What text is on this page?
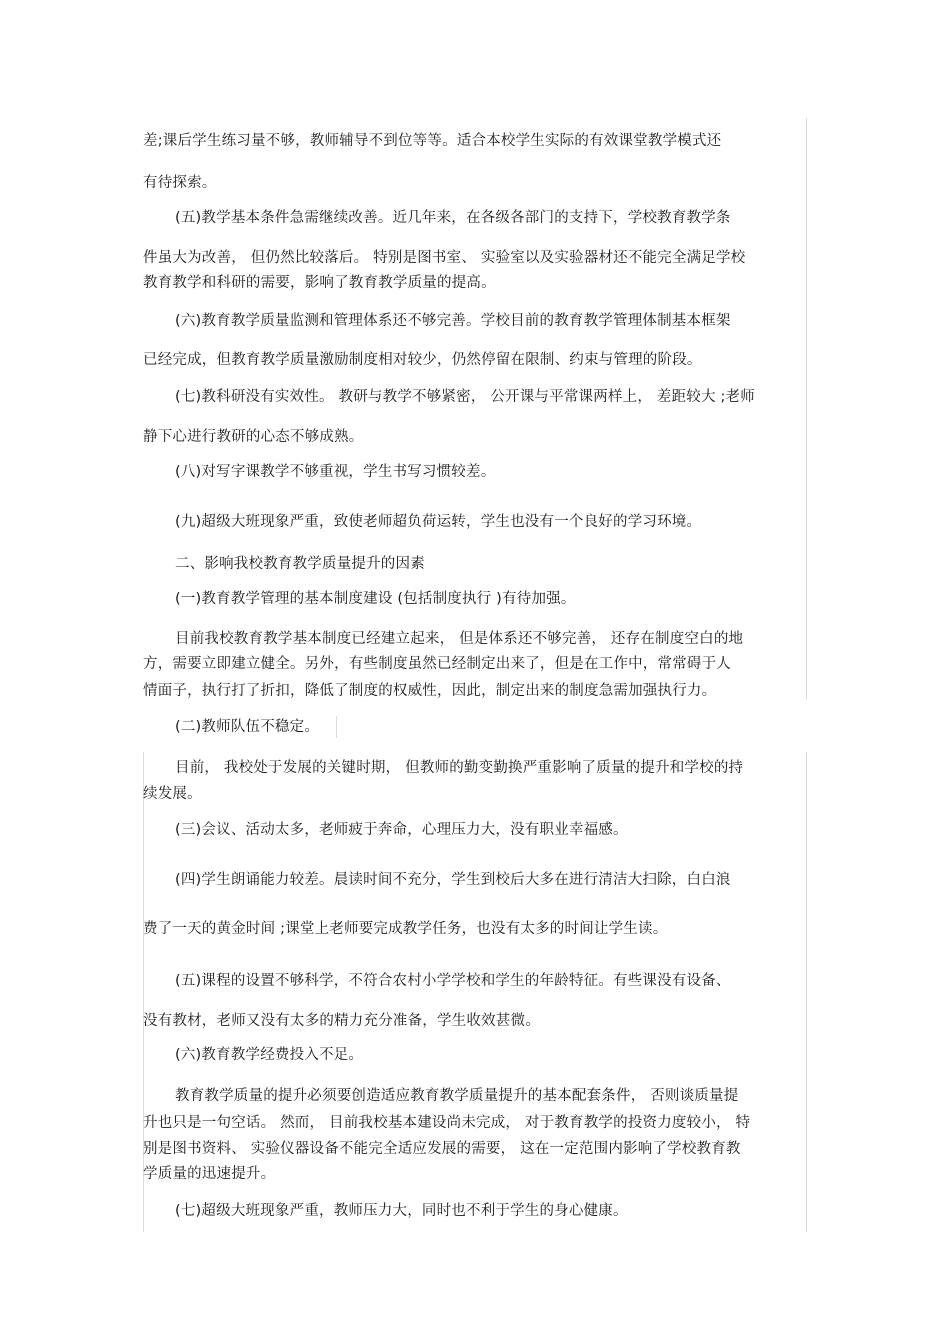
差;课后学生练习量不够，教师辅导不到位等等。适合本校学生实际的有效课堂教学模式还
有待探索。
(五)教学基本条件急需继续改善。近几年来，在各级各部门的支持下，学校教育教学条
件虽大为改善， 但仍然比较落后。 特别是图书室、 实验室以及实验器材还不能完全满足学校
教育教学和科研的需要，影响了教育教学质量的提高。
(六)教育教学质量监测和管理体系还不够完善。学校目前的教育教学管理体制基本框架
已经完成，但教育教学质量激励制度相对较少，仍然停留在限制、约束与管理的阶段。
(七)教科研没有实效性。 教研与教学不够紧密， 公开课与平常课两样上， 差距较大 ;老师
静下心进行教研的心态不够成熟。
(八)对写字课教学不够重视，学生书写习惯较差。
(九)超级大班现象严重，致使老师超负荷运转，学生也没有一个良好的学习环境。
二、影响我校教育教学质量提升的因素
(一)教育教学管理的基本制度建设 (包括制度执行 )有待加强。
目前我校教育教学基本制度已经建立起来， 但是体系还不够完善， 还存在制度空白的地
方，需要立即建立健全。另外，有些制度虽然已经制定出来了，但是在工作中，常常碍于人
情面子，执行打了折扣，降低了制度的权威性，因此，制定出来的制度急需加强执行力。
(二)教师队伍不稳定。
目前， 我校处于发展的关键时期， 但教师的勤变勤换严重影响了质量的提升和学校的持
续发展。
(三)会议、活动太多，老师疲于奔命，心理压力大，没有职业幸福感。
(四)学生朗诵能力较差。晨读时间不充分，学生到校后大多在进行清洁大扫除，白白浪
费了一天的黄金时间 ;课堂上老师要完成教学任务，也没有太多的时间让学生读。
(五)课程的设置不够科学，不符合农村小学学校和学生的年龄特征。有些课没有设备、
没有教材，老师又没有太多的精力充分准备，学生收效甚微。
(六)教育教学经费投入不足。
教育教学质量的提升必须要创造适应教育教学质量提升的基本配套条件， 否则谈质量提
升也只是一句空话。 然而， 目前我校基本建设尚未完成， 对于教育教学的投资力度较小， 特
别是图书资料、 实验仪器设备不能完全适应发展的需要， 这在一定范围内影响了学校教育教
学质量的迅速提升。
(七)超级大班现象严重，教师压力大，同时也不利于学生的身心健康。
